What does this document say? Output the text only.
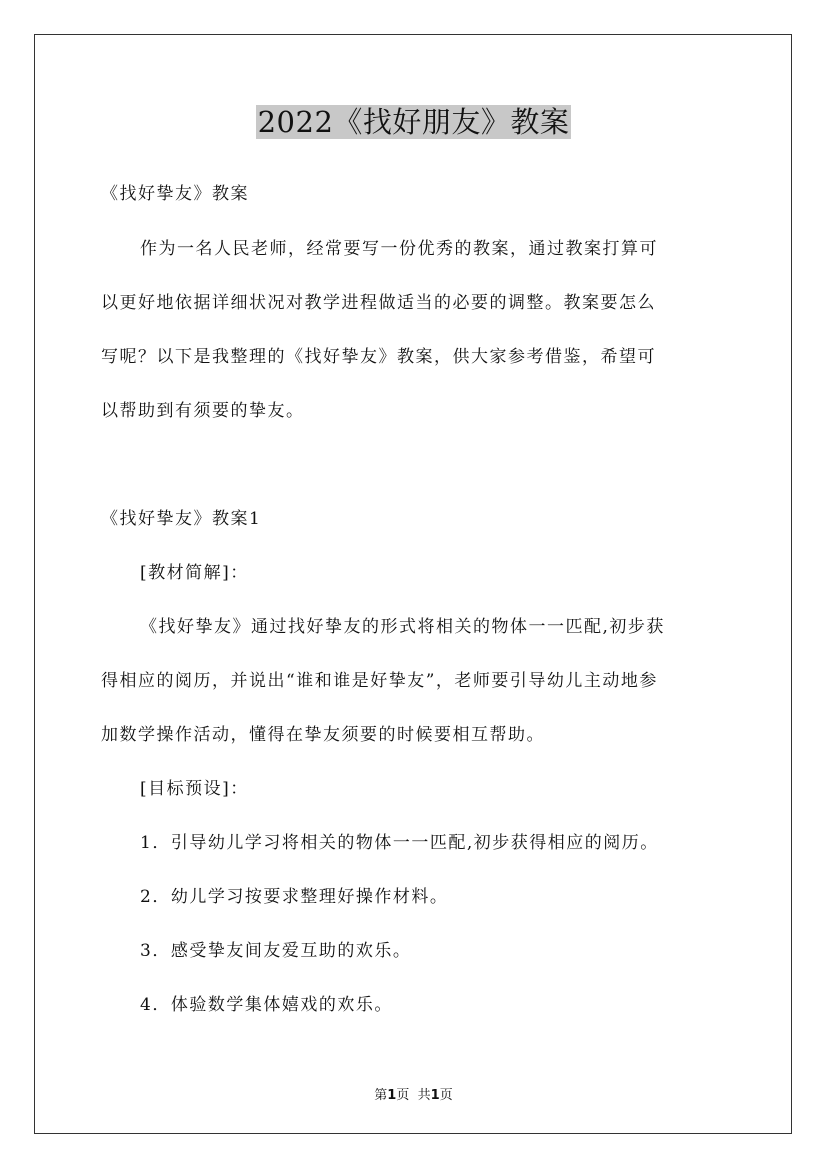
2022《找好朋友》教案
《找好挚友》教案
作为一名人民老师，经常要写一份优秀的教案，通过教案打算可
以更好地依据详细状况对教学进程做适当的必要的调整。教案要怎么
写呢？以下是我整理的《找好挚友》教案，供大家参考借鉴，希望可
以帮助到有须要的挚友。
《找好挚友》教案1
[教材简解]：
《找好挚友》通过找好挚友的形式将相关的物体一一匹配,初步获
得相应的阅历，并说出“谁和谁是好挚友”，老师要引导幼儿主动地参
加数学操作活动，懂得在挚友须要的时候要相互帮助。
[目标预设]：
1．引导幼儿学习将相关的物体一一匹配,初步获得相应的阅历。
2．幼儿学习按要求整理好操作材料。
3．感受挚友间友爱互助的欢乐。
4．体验数学集体嬉戏的欢乐。
第1页 共1页
